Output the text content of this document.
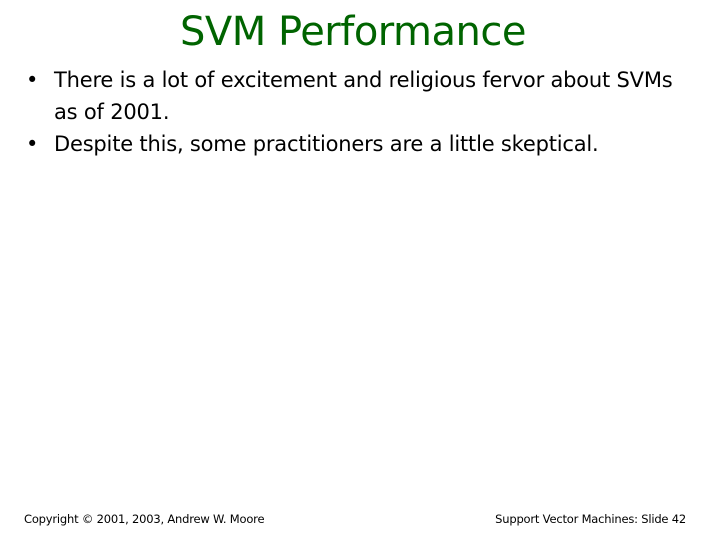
SVM Performance
• There is a lot of excitement and religious fervor about SVMs as of 2001.
• Despite this, some practitioners are a little skeptical.
Copyright © 2001, 2003, Andrew W. Moore	Support Vector Machines: Slide 42
